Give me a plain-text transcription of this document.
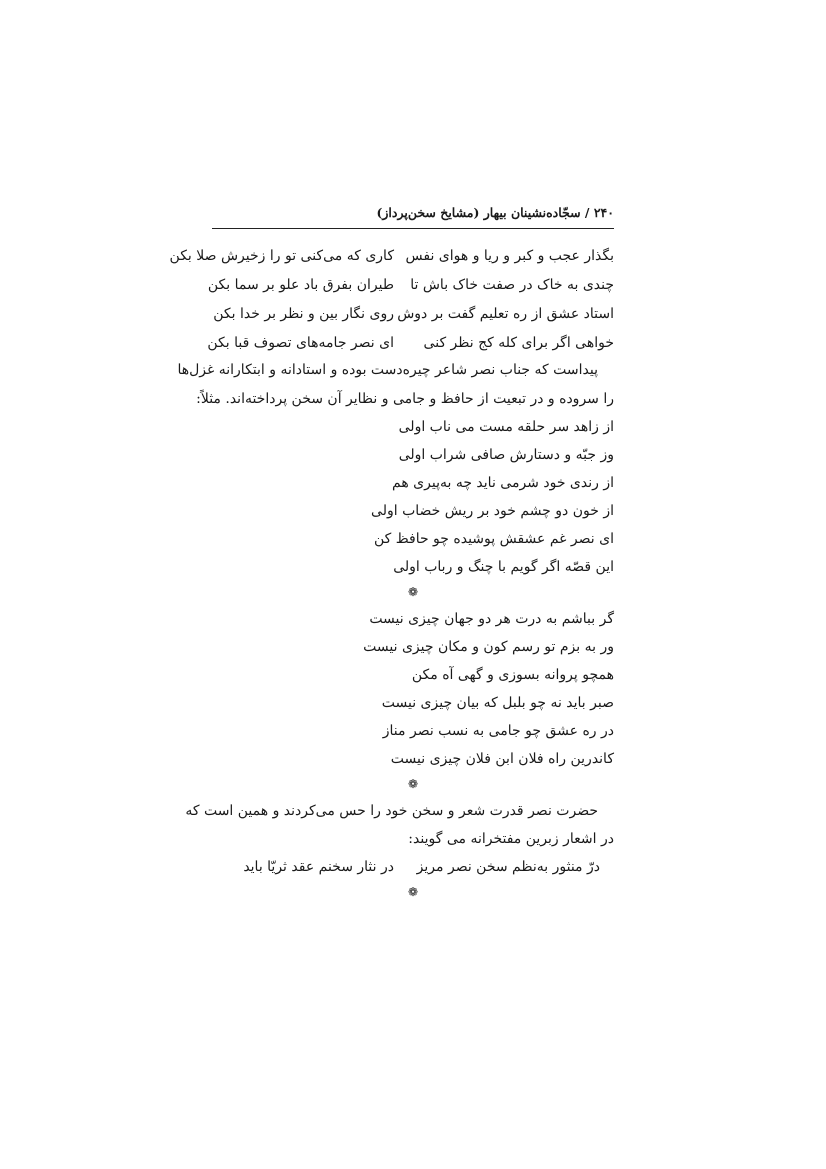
۲۴۰ / سجّاده‌نشینان بیهار (مشایخ سخن‌پرداز)
بگذار عجب و کبر و ریا و هوای نفس
کاری که می‌کنی تو را زخیرش صلا بکن
چندی به خاک در صفت خاک باش تا
طیران بفرق باد علو بر سما بکن
استاد عشق از ره تعلیم گفت بر دوش
روی نگار بین و نظر بر خدا بکن
خواهی اگر برای کله کج نظر کنی
ای نصر جامه‌های تصوف قبا بکن
پیداست که جناب نصر شاعر چیره‌دست بوده و استادانه و ابتکارانه غزل‌ها
را سروده و در تبعیت از حافظ و جامی و نظایر آن سخن پرداخته‌اند. مثلاً:
از زاهد سر حلقه مست می ناب اولی
وز جبّه و دستارش صافی شراب اولی
از رندی خود شرمی ناید چه به‌پیری هم
از خون دو چشم خود بر ریش خضاب اولی
ای نصر غم عشقش پوشیده چو حافظ کن
این قصّه اگر گویم با چنگ و رباب اولی
❁
گر بباشم به درت هر دو جهان چیزی نیست
ور به بزم تو رسم کون و مکان چیزی نیست
همچو پروانه بسوزی و گهی آه مکن
صبر باید نه چو بلبل که بیان چیزی نیست
در ره عشق چو جامی به نسب نصر مناز
کاندرین راه فلان ابن فلان چیزی نیست
❁
حضرت نصر قدرت شعر و سخن خود را حس می‌کردند و همین است که
در اشعار زبرین مفتخرانه می گویند:
درّ منثور به‌نظم سخن نصر مریز
در نثار سخنم عقد ثریّا باید
❁
